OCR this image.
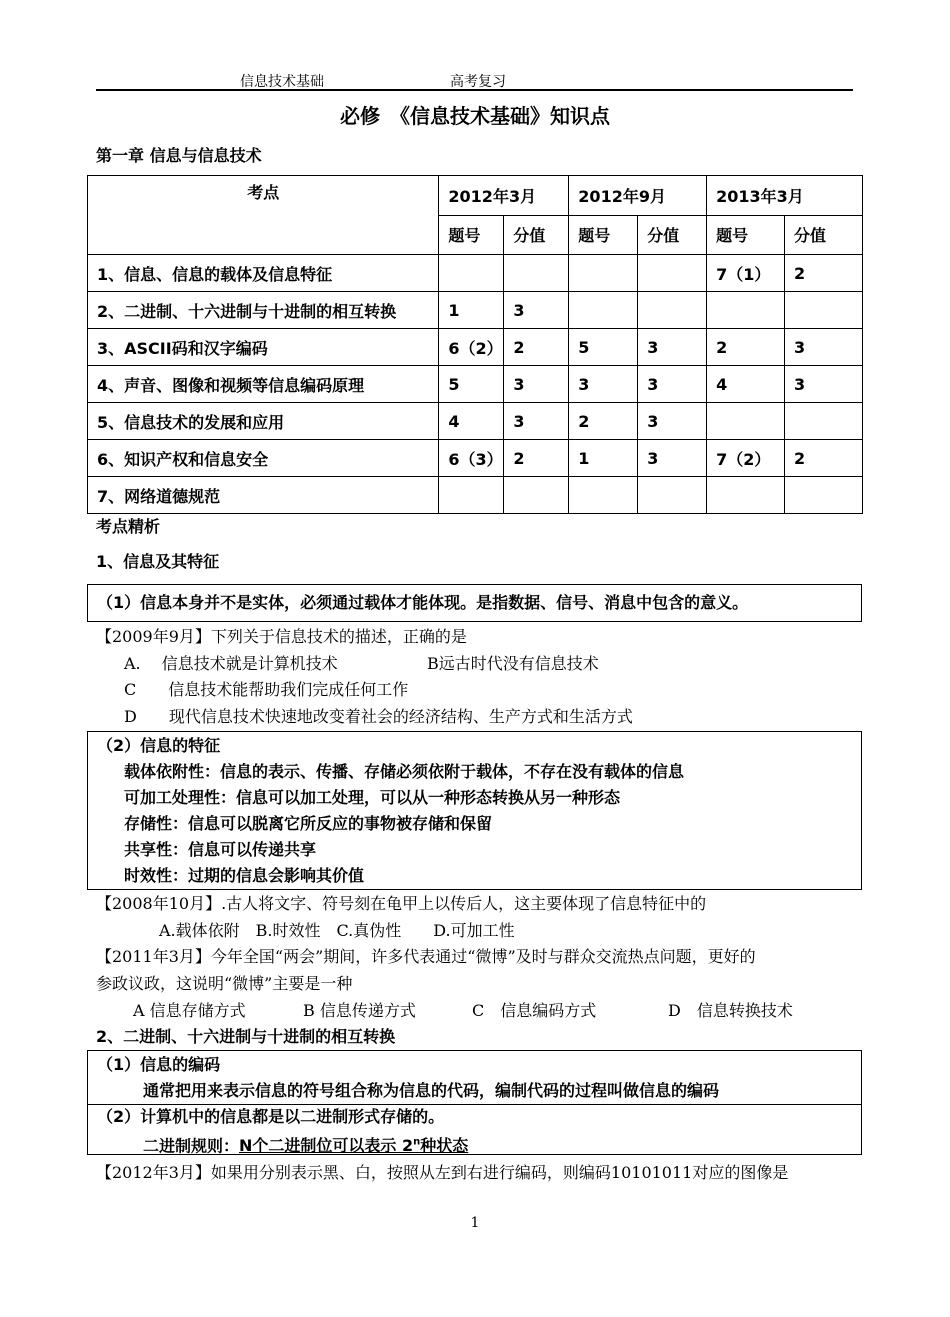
信息技术基础	高考复习
必修　《信息技术基础》知识点
第一章 信息与信息技术
考点	2012年3月		2012年9月		2013年3月	
	题号	分值	题号	分值	题号	分值
1、信息、信息的载体及信息特征					7（1）	2
2、二进制、十六进制与十进制的相互转换	1	3				
3、ASCII码和汉字编码	6（2）	2	5	3	2	3
4、声音、图像和视频等信息编码原理	5	3	3	3	4	3
5、信息技术的发展和应用	4	3	2	3		
6、知识产权和信息安全	6（3）	2	1	3	7（2）	2
7、网络道德规范						
考点精析
1、信息及其特征
（1）信息本身并不是实体，必须通过载体才能体现。是指数据、信号、消息中包含的意义。
【2009年9月】下列关于信息技术的描述，正确的是
A.　 信息技术就是计算机技术	B远古时代没有信息技术
C　　信息技术能帮助我们完成任何工作
D　　现代信息技术快速地改变着社会的经济结构、生产方式和生活方式
（2）信息的特征
载体依附性：信息的表示、传播、存储必须依附于载体，不存在没有载体的信息
可加工处理性：信息可以加工处理，可以从一种形态转换从另一种形态
存储性：信息可以脱离它所反应的事物被存储和保留
共享性：信息可以传递共享
时效性：过期的信息会影响其价值
【2008年10月】.古人将文字、符号刻在龟甲上以传后人，这主要体现了信息特征中的
A.载体依附　B.时效性　C.真伪性　　D.可加工性
【2011年3月】今年全国“两会”期间，许多代表通过“微博”及时与群众交流热点问题，更好的
参政议政，这说明“微博”主要是一种
A 信息存储方式	B 信息传递方式	C　信息编码方式	D　信息转换技术
2、二进制、十六进制与十进制的相互转换
（1）信息的编码
通常把用来表示信息的符号组合称为信息的代码，编制代码的过程叫做信息的编码
（2）计算机中的信息都是以二进制形式存储的。
二进制规则：N个二进制位可以表示 2$^n$种状态
【2012年3月】如果用分别表示黑、白，按照从左到右进行编码，则编码10101011对应的图像是
1
